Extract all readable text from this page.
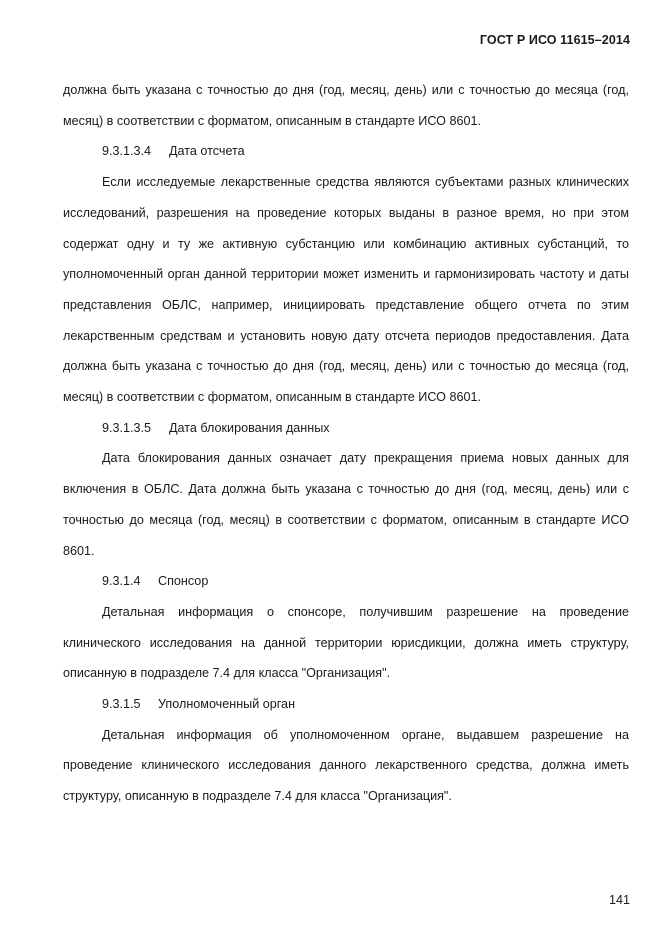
ГОСТ Р ИСО 11615–2014

должна быть указана с точностью до дня (год, месяц, день) или с точностью до месяца (год, месяц) в соответствии с форматом, описанным в стандарте ИСО 8601.

9.3.1.3.4 Дата отсчета

Если исследуемые лекарственные средства являются субъектами разных клинических исследований, разрешения на проведение которых выданы в разное время, но при этом содержат одну и ту же активную субстанцию или комбинацию активных субстанций, то уполномоченный орган данной территории может изменить и гармонизировать частоту и даты представления ОБЛС, например, инициировать представление общего отчета по этим лекарственным средствам и установить новую дату отсчета периодов предоставления. Дата должна быть указана с точностью до дня (год, месяц, день) или с точностью до месяца (год, месяц) в соответствии с форматом, описанным в стандарте ИСО 8601.

9.3.1.3.5 Дата блокирования данных

Дата блокирования данных означает дату прекращения приема новых данных для включения в ОБЛС. Дата должна быть указана с точностью до дня (год, месяц, день) или с точностью до месяца (год, месяц) в соответствии с форматом, описанным в стандарте ИСО 8601.

9.3.1.4 Спонсор

Детальная информация о спонсоре, получившим разрешение на проведение клинического исследования на данной территории юрисдикции, должна иметь структуру, описанную в подразделе 7.4 для класса "Организация".

9.3.1.5 Уполномоченный орган

Детальная информация об уполномоченном органе, выдавшем разрешение на проведение клинического исследования данного лекарственного средства, должна иметь структуру, описанную в подразделе 7.4 для класса "Организация".

141
